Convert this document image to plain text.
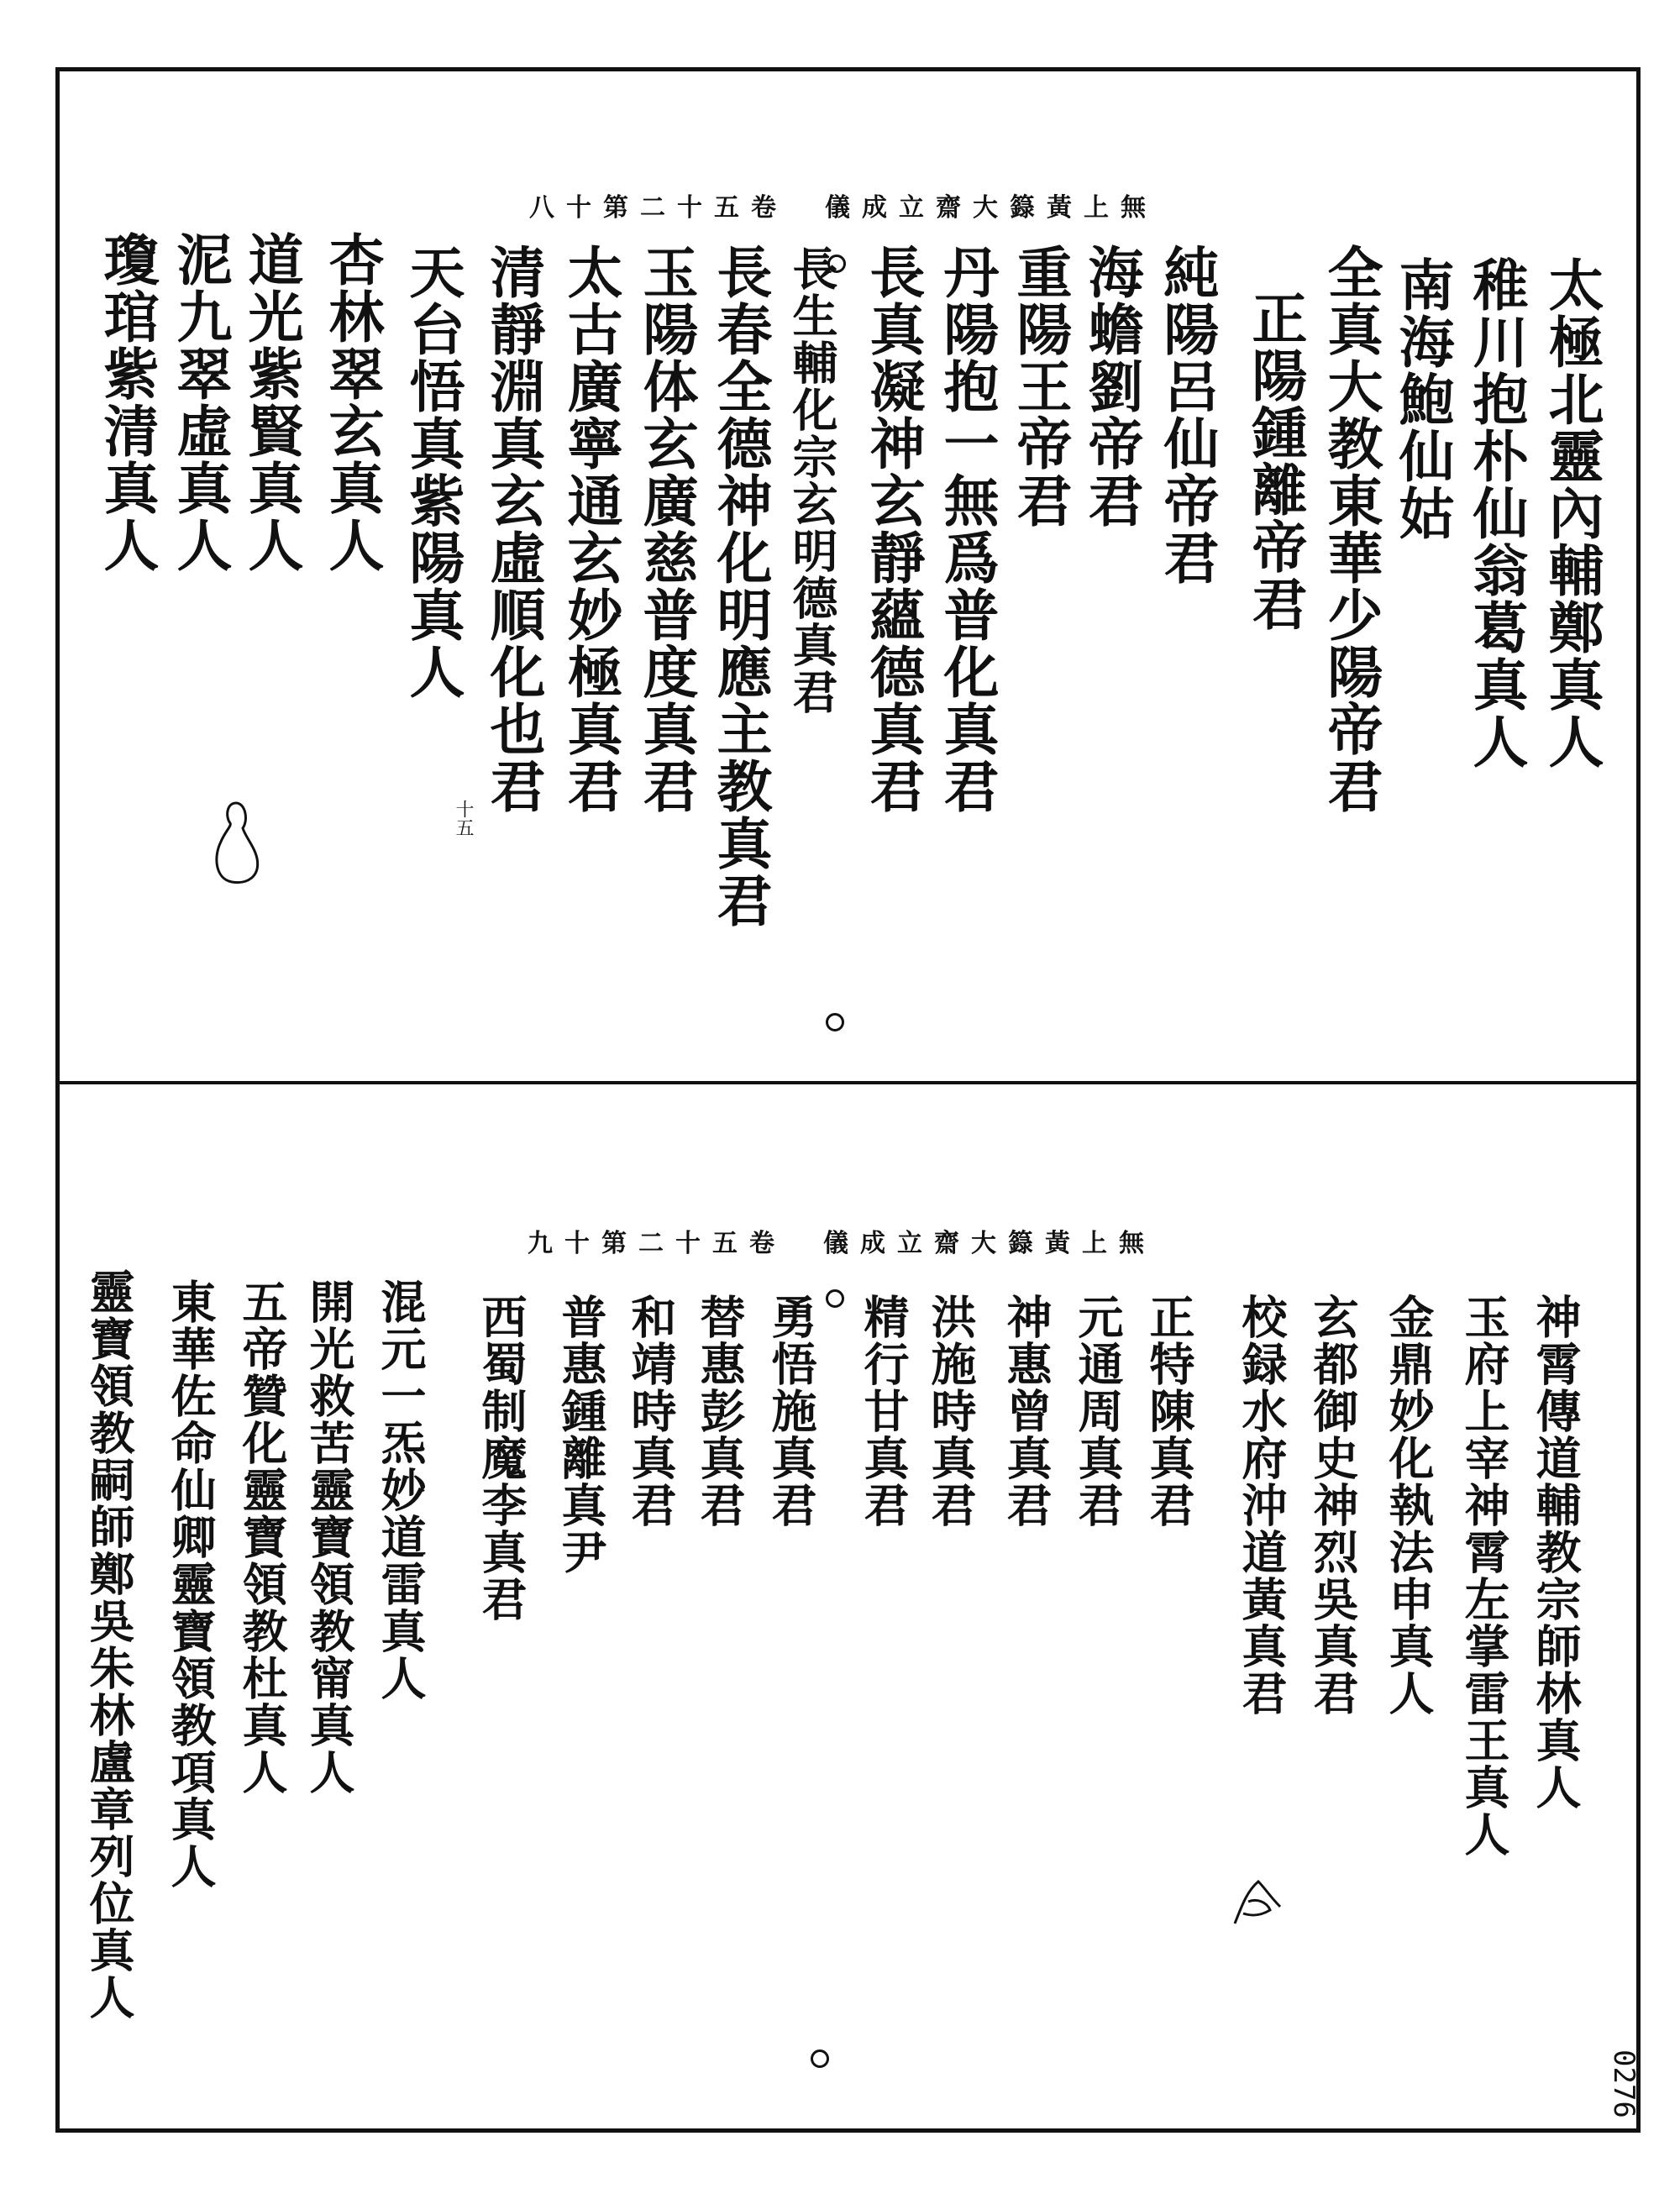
無上黃籙大齋立成儀　卷五十二第十八
太極北靈內輔鄭真人
稚川抱朴仙翁葛真人
南海鮑仙姑
全真大教東華少陽帝君
正陽鍾離帝君
純陽呂仙帝君
海蟾劉帝君
重陽王帝君
丹陽抱一無爲普化真君
長真凝神玄靜蘊德真君
長生輔化宗玄明德真君
長春全德神化明應主教真君
玉陽体玄廣慈普度真君
太古廣寧通玄妙極真君
清靜淵真玄虛順化也君
天台悟真紫陽真人
杏林翠玄真人
道光紫賢真人
泥九翠虛真人
瓊琯紫清真人
十五
無上黃籙大齋立成儀　卷五十二第十九
神霄傳道輔教宗師林真人
玉府上宰神霄左掌雷王真人
金鼎妙化執法申真人
玄都御史神烈吳真君
校録水府沖道黃真君
正特陳真君
元通周真君
神惠曾真君
洪施時真君
精行甘真君
勇悟施真君
替惠彭真君
普惠鍾離真尹 和靖時真君
西蜀制魔李真君
混元一炁妙道雷真人
開光救苦靈寶領教甯真人
五帝贊化靈寶領教杜真人
東華佐命仙卿靈寶領教項真人
靈寶領教嗣師鄭吳朱林盧章列位真人
0276
